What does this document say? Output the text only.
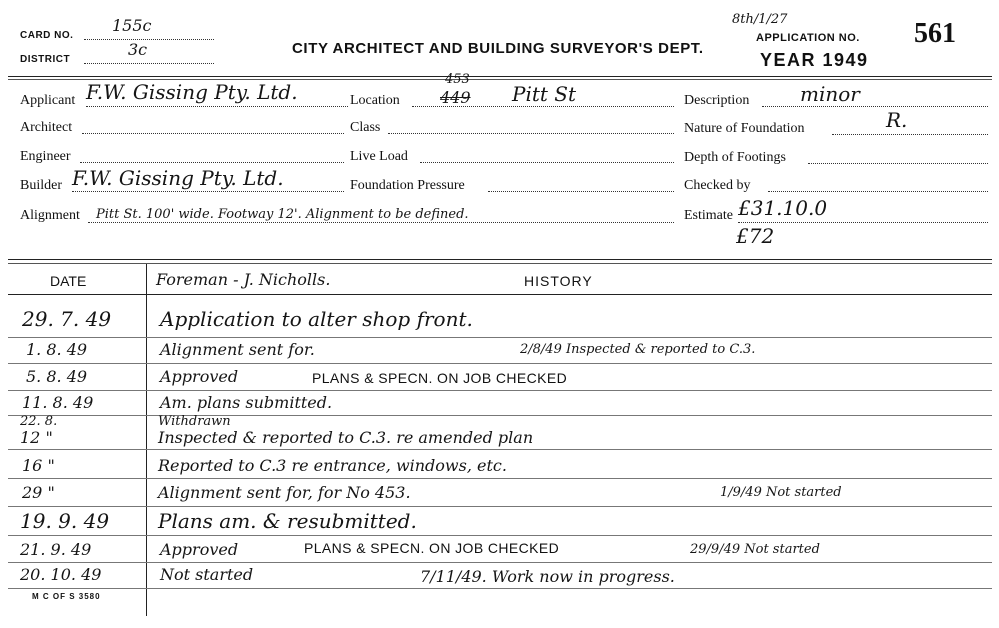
CARD NO.
155c
DISTRICT
3c	CITY ARCHITECT AND BUILDING SURVEYOR'S DEPT.
8th/1/27
APPLICATION NO. 561
YEAR 1949
Applicant F.W. Gissing Pty. Ltd.	Location
453
449 Pitt St	Description	minor
Architect	Class	Nature of Foundation	R.
Engineer	Live Load	Depth of Footings
Builder F.W. Gissing Pty. Ltd.	Foundation Pressure	Checked by
Alignment Pitt St. 100' wide. Footway 12'. Alignment to be defined.	Estimate £31.10.0
£72
DATE	Foreman - J. Nicholls.	HISTORY
29. 7. 49 Application to alter shop front.
1. 8. 49	Alignment sent for.	2/8/49 Inspected & reported to C.3.
5. 8. 49	Approved	PLANS & SPECN. ON JOB CHECKED
11. 8. 49	Am. plans submitted.
22. 8.	Withdrawn
12 "	Inspected & reported to C.3. re amended plan
16 "	Reported to C.3 re entrance, windows, etc.
29 "	Alignment sent for, for No 453.	1/9/49 Not started
19. 9. 49 Plans am. & resubmitted.
21. 9. 49	Approved	PLANS & SPECN. ON JOB CHECKED	29/9/49 Not started
20. 10. 49	Not started	7/11/49. Work now in progress.
M C OF S 3580
